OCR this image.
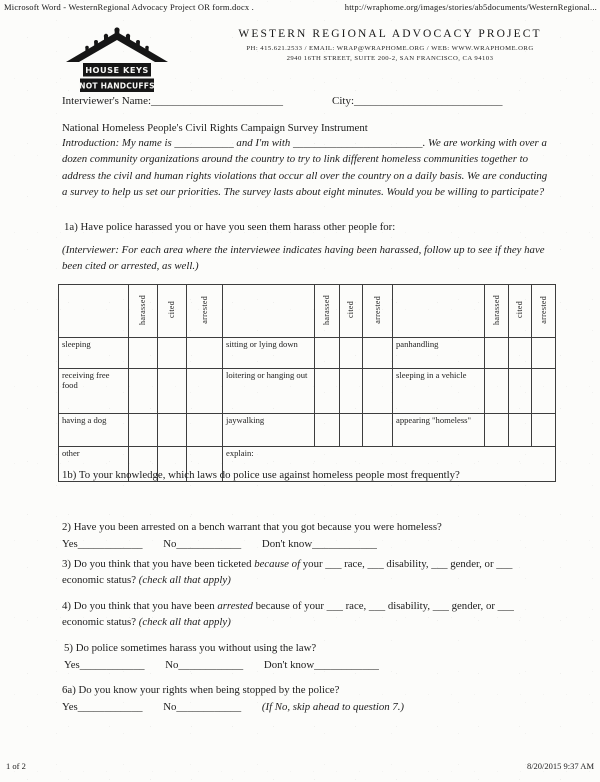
Microsoft Word - WesternRegional Advocacy Project OR form.docx .	http://wraphome.org/images/stories/ab5documents/WesternRegional...
HOUSE KEYS
NOT HANDCUFFS
WESTERN REGIONAL ADVOCACY PROJECT
PH: 415.621.2533 / EMAIL: WRAP@WRAPHOME.ORG / WEB: WWW.WRAPHOME.ORG
2940 16TH STREET, SUITE 200-2, SAN FRANCISCO, CA 94103
Interviewer's Name:________________________	City:___________________________
National Homeless People's Civil Rights Campaign Survey Instrument
Introduction: My name is ___________ and I'm with ________________________. We are working with over a dozen community organizations around the country to try to link different homeless communities together to address the civil and human rights violations that occur all over the country on a daily basis. We are conducting a survey to help us set our priorities. The survey lasts about eight minutes. Would you be willing to participate?
1a) Have police harassed you or have you seen them harass other people for:
(Interviewer: For each area where the interviewee indicates having been harassed, follow up to see if they have been cited or arrested, as well.)
	harassed	cited	arrested		harassed	cited	arrested		harassed	cited	arrested
sleeping				sitting or lying down				panhandling			
receiving free food				loitering or hanging out				sleeping in a vehicle			
having a dog				jaywalking				appearing "homeless"			
other				explain:							
1b) To your knowledge, which laws do police use against homeless people most frequently?
2) Have you been arrested on a bench warrant that you got because you were homeless?
Yes____________ No____________ Don't know____________
3) Do you think that you have been ticketed because of your ___ race, ___ disability, ___ gender, or ___ economic status? (check all that apply)
4) Do you think that you have been arrested because of your ___ race, ___ disability, ___ gender, or ___ economic status? (check all that apply)
5) Do police sometimes harass you without using the law?
Yes____________ No____________ Don't know____________
6a) Do you know your rights when being stopped by the police?
Yes____________ No____________ (If No, skip ahead to question 7.)
1 of 2	8/20/2015 9:37 AM
